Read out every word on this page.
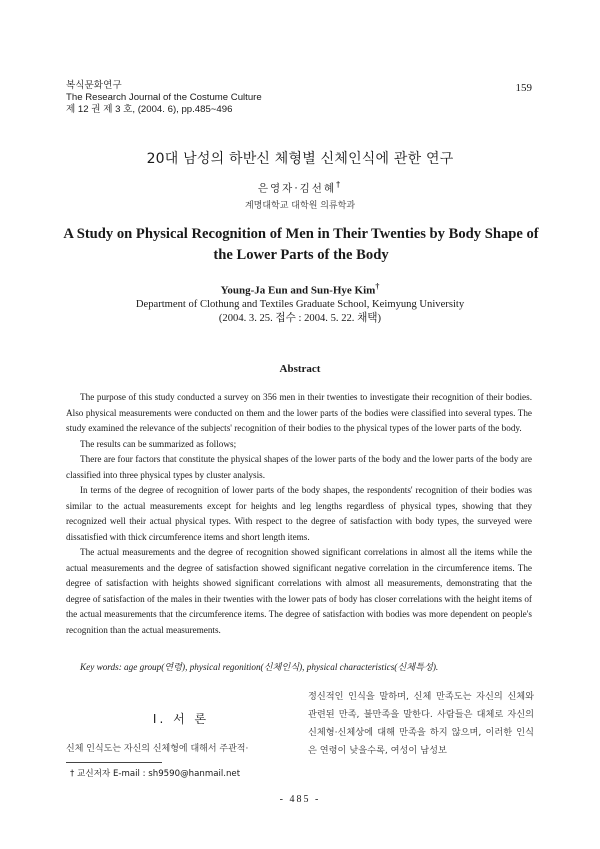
복식문화연구
The Research Journal of the Costume Culture
제 12 권 제 3 호, (2004. 6), pp.485~496
159
20대 남성의 하반신 체형별 신체인식에 관한 연구
은영자·김선혜†
계명대학교 대학원 의류학과
A Study on Physical Recognition of Men in Their Twenties by Body Shape of the Lower Parts of the Body
Young-Ja Eun and Sun-Hye Kim†
Department of Clothung and Textiles Graduate School, Keimyung University
(2004. 3. 25. 접수 : 2004. 5. 22. 채택)
Abstract

The purpose of this study conducted a survey on 356 men in their twenties to investigate their recognition of their bodies. Also physical measurements were conducted on them and the lower parts of the bodies were classified into several types. The study examined the relevance of the subjects' recognition of their bodies to the physical types of the lower parts of the body.

The results can be summarized as follows;

There are four factors that constitute the physical shapes of the lower parts of the body and the lower parts of the body are classified into three physical types by cluster analysis.

In terms of the degree of recognition of lower parts of the body shapes, the respondents' recognition of their bodies was similar to the actual measurements except for heights and leg lengths regardless of physical types, showing that they recognized well their actual physical types. With respect to the degree of satisfaction with body types, the surveyed were dissatisfied with thick circumference items and short length items.

The actual measurements and the degree of recognition showed significant correlations in almost all the items while the actual measurements and the degree of satisfaction showed significant negative correlation in the circumference items. The degree of satisfaction with heights showed significant correlations with almost all measurements, demonstrating that the degree of satisfaction of the males in their twenties with the lower pats of body has closer correlations with the height items of the actual measurements that the circumference items. The degree of satisfaction with bodies was more dependent on people's recognition than the actual measurements.

Key words: age group(연령), physical regonition(신체인식), physical characteristics(신체특성).
Ⅰ. 서 론
신체 인식도는 자신의 신체형에 대해서 주관적·
정신적인 인식을 말하며, 신체 만족도는 자신의 신체와 관련된 만족, 불만족을 말한다. 사람들은 대체로 자신의 신체형·신체상에 대해 만족을 하지 않으며, 이러한 인식은 연령이 낮을수록, 여성이 남성보
† 교신저자 E-mail : sh9590@hanmail.net
- 485 -
